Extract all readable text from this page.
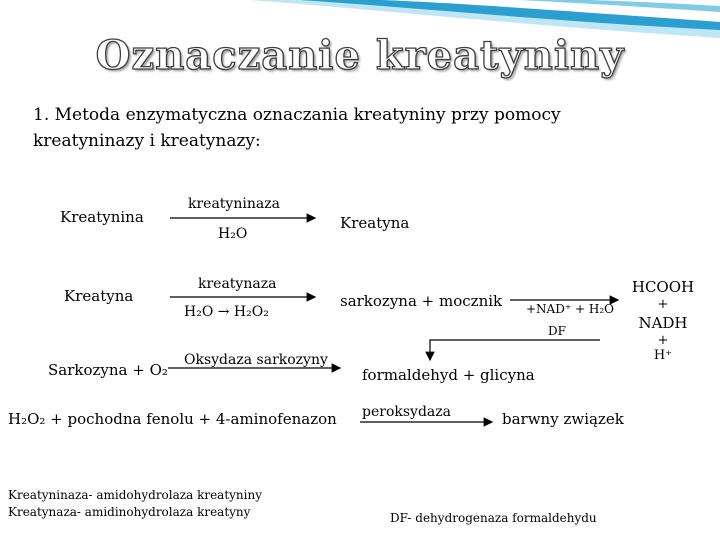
Oznaczanie kreatyniny
1. Metoda enzymatyczna oznaczania kreatyniny przy pomocy
kreatyninazy i kreatynazy:
Kreatynina
kreatyninaza
H₂O
Kreatyna
Kreatyna
kreatynaza
H₂O → H₂O₂
sarkozyna + mocznik +NAD⁺ + H₂O
DF
HCOOH
+
NADH
+
H⁺
Sarkozyna + O₂
Oksydaza sarkozyny
formaldehyd + glicyna
H₂O₂ + pochodna fenolu + 4-aminofenazon peroksydaza	barwny związek
Kreatyninaza- amidohydrolaza kreatyniny
Kreatynaza- amidinohydrolaza kreatyny	DF- dehydrogenaza formaldehydu
